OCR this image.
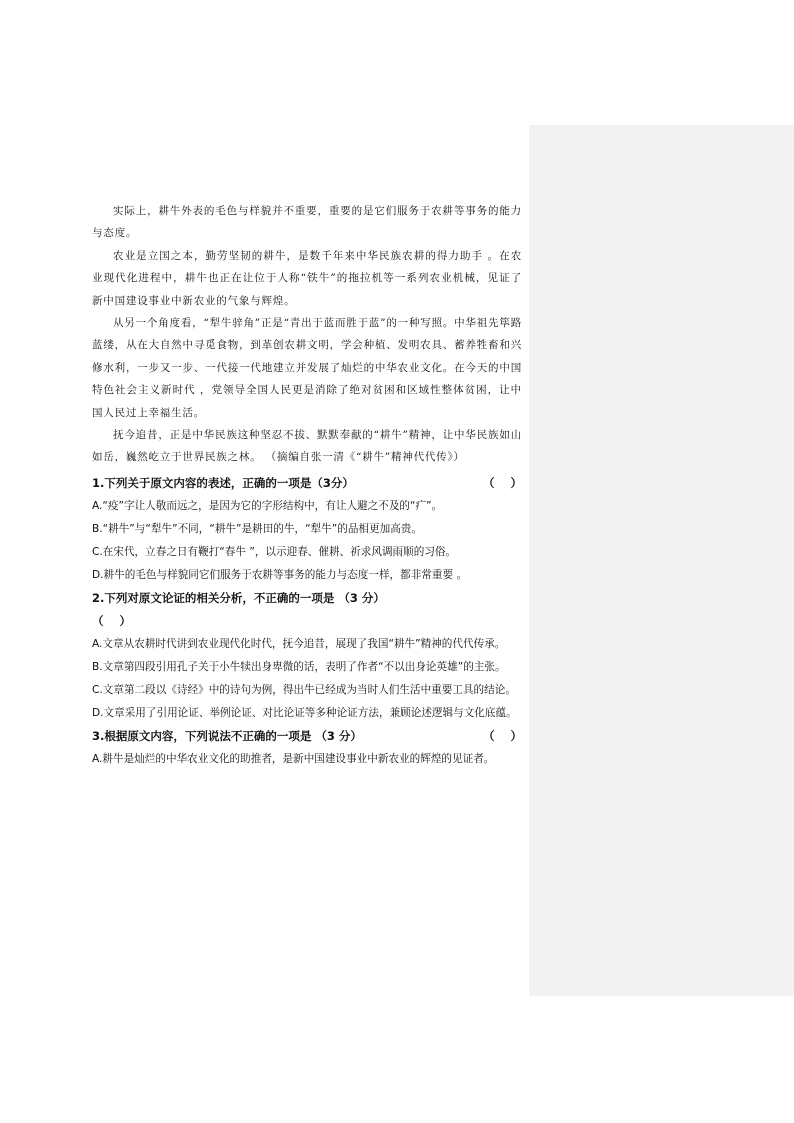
实际上，耕牛外表的毛色与样貌并不重要，重要的是它们服务于农耕等事务的能力与态度。

农业是立国之本，勤劳坚韧的耕牛，是数千年来中华民族农耕的得力助手 。在农业现代化进程中，耕牛也正在让位于人称“铁牛”的拖拉机等一系列农业机械，见证了新中国建设事业中新农业的气象与辉煌。

从另一个角度看，“犁牛骍角”正是“青出于蓝而胜于蓝”的一种写照。中华祖先筚路蓝缕，从在大自然中寻觅食物，到革创农耕文明，学会种植、发明农具、蓄养牲畜和兴修水利，一步又一步、一代接一代地建立并发展了灿烂的中华农业文化。在今天的中国特色社会主义新时代 ，党领导全国人民更是消除了绝对贫困和区域性整体贫困，让中国人民过上幸福生活。

抚今追昔，正是中华民族这种坚忍不拔、默默奉献的“耕牛”精神，让中华民族如山如岳，巍然屹立于世界民族之林。 （摘编自张一清《“耕牛”精神代代传》）

1.下列关于原文内容的表述，正确的一项是（3分）	（    ）

A.“疫”字让人敬而远之，是因为它的字形结构中，有让人避之不及的“疒”。

B.“耕牛”与“犁牛”不同，“耕牛”是耕田的牛，“犁牛”的品相更加高贵。

C.在宋代，立春之日有鞭打“春牛 ”，以示迎春、催耕、祈求风调雨顺的习俗。

D.耕牛的毛色与样貌同它们服务于农耕等事务的能力与态度一样，都非常重要 。

2.下列对原文论证的相关分析，不正确的一项是 （3 分）
（    ）

A.文章从农耕时代讲到农业现代化时代，抚今追昔，展现了我国“耕牛”精神的代代传承。

B.文章第四段引用孔子关于小牛犊出身卑微的话，表明了作者“不以出身论英雄”的主张。

C.文章第二段以《诗经》中的诗句为例，得出牛已经成为当时人们生活中重要工具的结论。

D.文章采用了引用论证、举例论证、对比论证等多种论证方法，兼顾论述逻辑与文化底蕴。

3.根据原文内容，下列说法不正确的一项是 （3 分）	（    ）

A.耕牛是灿烂的中华农业文化的助推者，是新中国建设事业中新农业的辉煌的见证者。
